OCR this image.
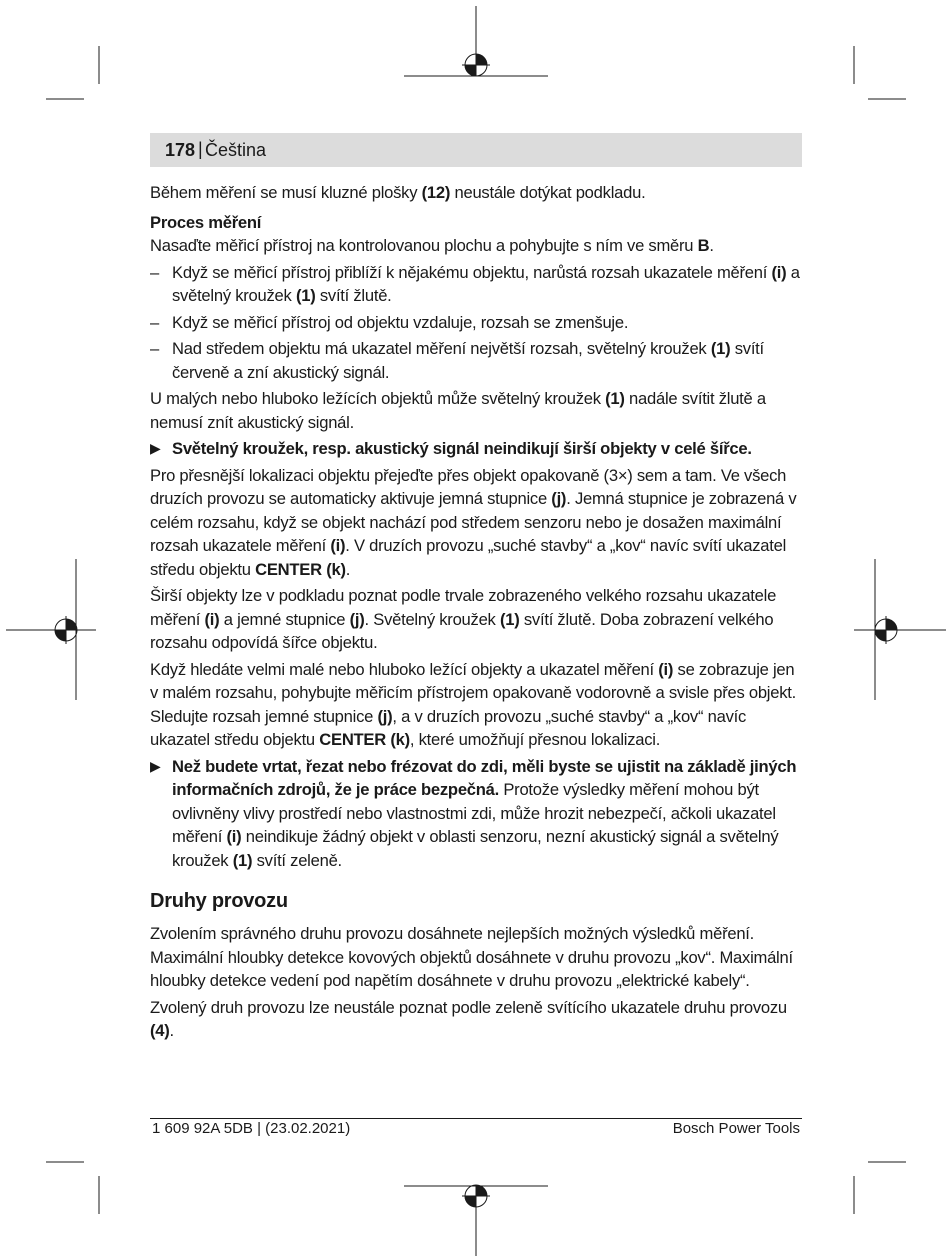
178 | Čeština

Během měření se musí kluzné plošky (12) neustále dotýkat podkladu.

Proces měření

Nasaďte měřicí přístroj na kontrolovanou plochu a pohybujte s ním ve směru B.

– Když se měřicí přístroj přiblíží k nějakému objektu, narůstá rozsah ukazatele měření (i) a světelný kroužek (1) svítí žlutě.
– Když se měřicí přístroj od objektu vzdaluje, rozsah se zmenšuje.
– Nad středem objektu má ukazatel měření největší rozsah, světelný kroužek (1) svítí červeně a zní akustický signál.

U malých nebo hluboko ležících objektů může světelný kroužek (1) nadále svítit žlutě a nemusí znít akustický signál.

▶ Světelný kroužek, resp. akustický signál neindikují širší objekty v celé šířce.

Pro přesnější lokalizaci objektu přejeďte přes objekt opakovaně (3×) sem a tam. Ve všech druzích provozu se automaticky aktivuje jemná stupnice (j). Jemná stupnice je zobrazená v celém rozsahu, když se objekt nachází pod středem senzoru nebo je dosažen maximální rozsah ukazatele měření (i). V druzích provozu „suché stavby“ a „kov“ navíc svítí ukazatel středu objektu CENTER (k).

Širší objekty lze v podkladu poznat podle trvale zobrazeného velkého rozsahu ukazatele měření (i) a jemné stupnice (j). Světelný kroužek (1) svítí žlutě. Doba zobrazení velkého rozsahu odpovídá šířce objektu.

Když hledáte velmi malé nebo hluboko ležící objekty a ukazatel měření (i) se zobrazuje jen v malém rozsahu, pohybujte měřicím přístrojem opakovaně vodorovně a svisle přes objekt. Sledujte rozsah jemné stupnice (j), a v druzích provozu „suché stavby“ a „kov“ navíc ukazatel středu objektu CENTER (k), které umožňují přesnou lokalizaci.

▶ Než budete vrtat, řezat nebo frézovat do zdi, měli byste se ujistit na základě jiných informačních zdrojů, že je práce bezpečná. Protože výsledky měření mohou být ovlivněny vlivy prostředí nebo vlastnostmi zdi, může hrozit nebezpečí, ačkoli ukazatel měření (i) neindikuje žádný objekt v oblasti senzoru, nezní akustický signál a světelný kroužek (1) svítí zeleně.
Druhy provozu

Zvolením správného druhu provozu dosáhnete nejlepších možných výsledků měření. Maximální hloubky detekce kovových objektů dosáhnete v druhu provozu „kov“. Maximální hloubky detekce vedení pod napětím dosáhnete v druhu provozu „elektrické kabely“.

Zvolený druh provozu lze neustále poznat podle zeleně svítícího ukazatele druhu provozu (4).

1 609 92A 5DB | (23.02.2021)	Bosch Power Tools
